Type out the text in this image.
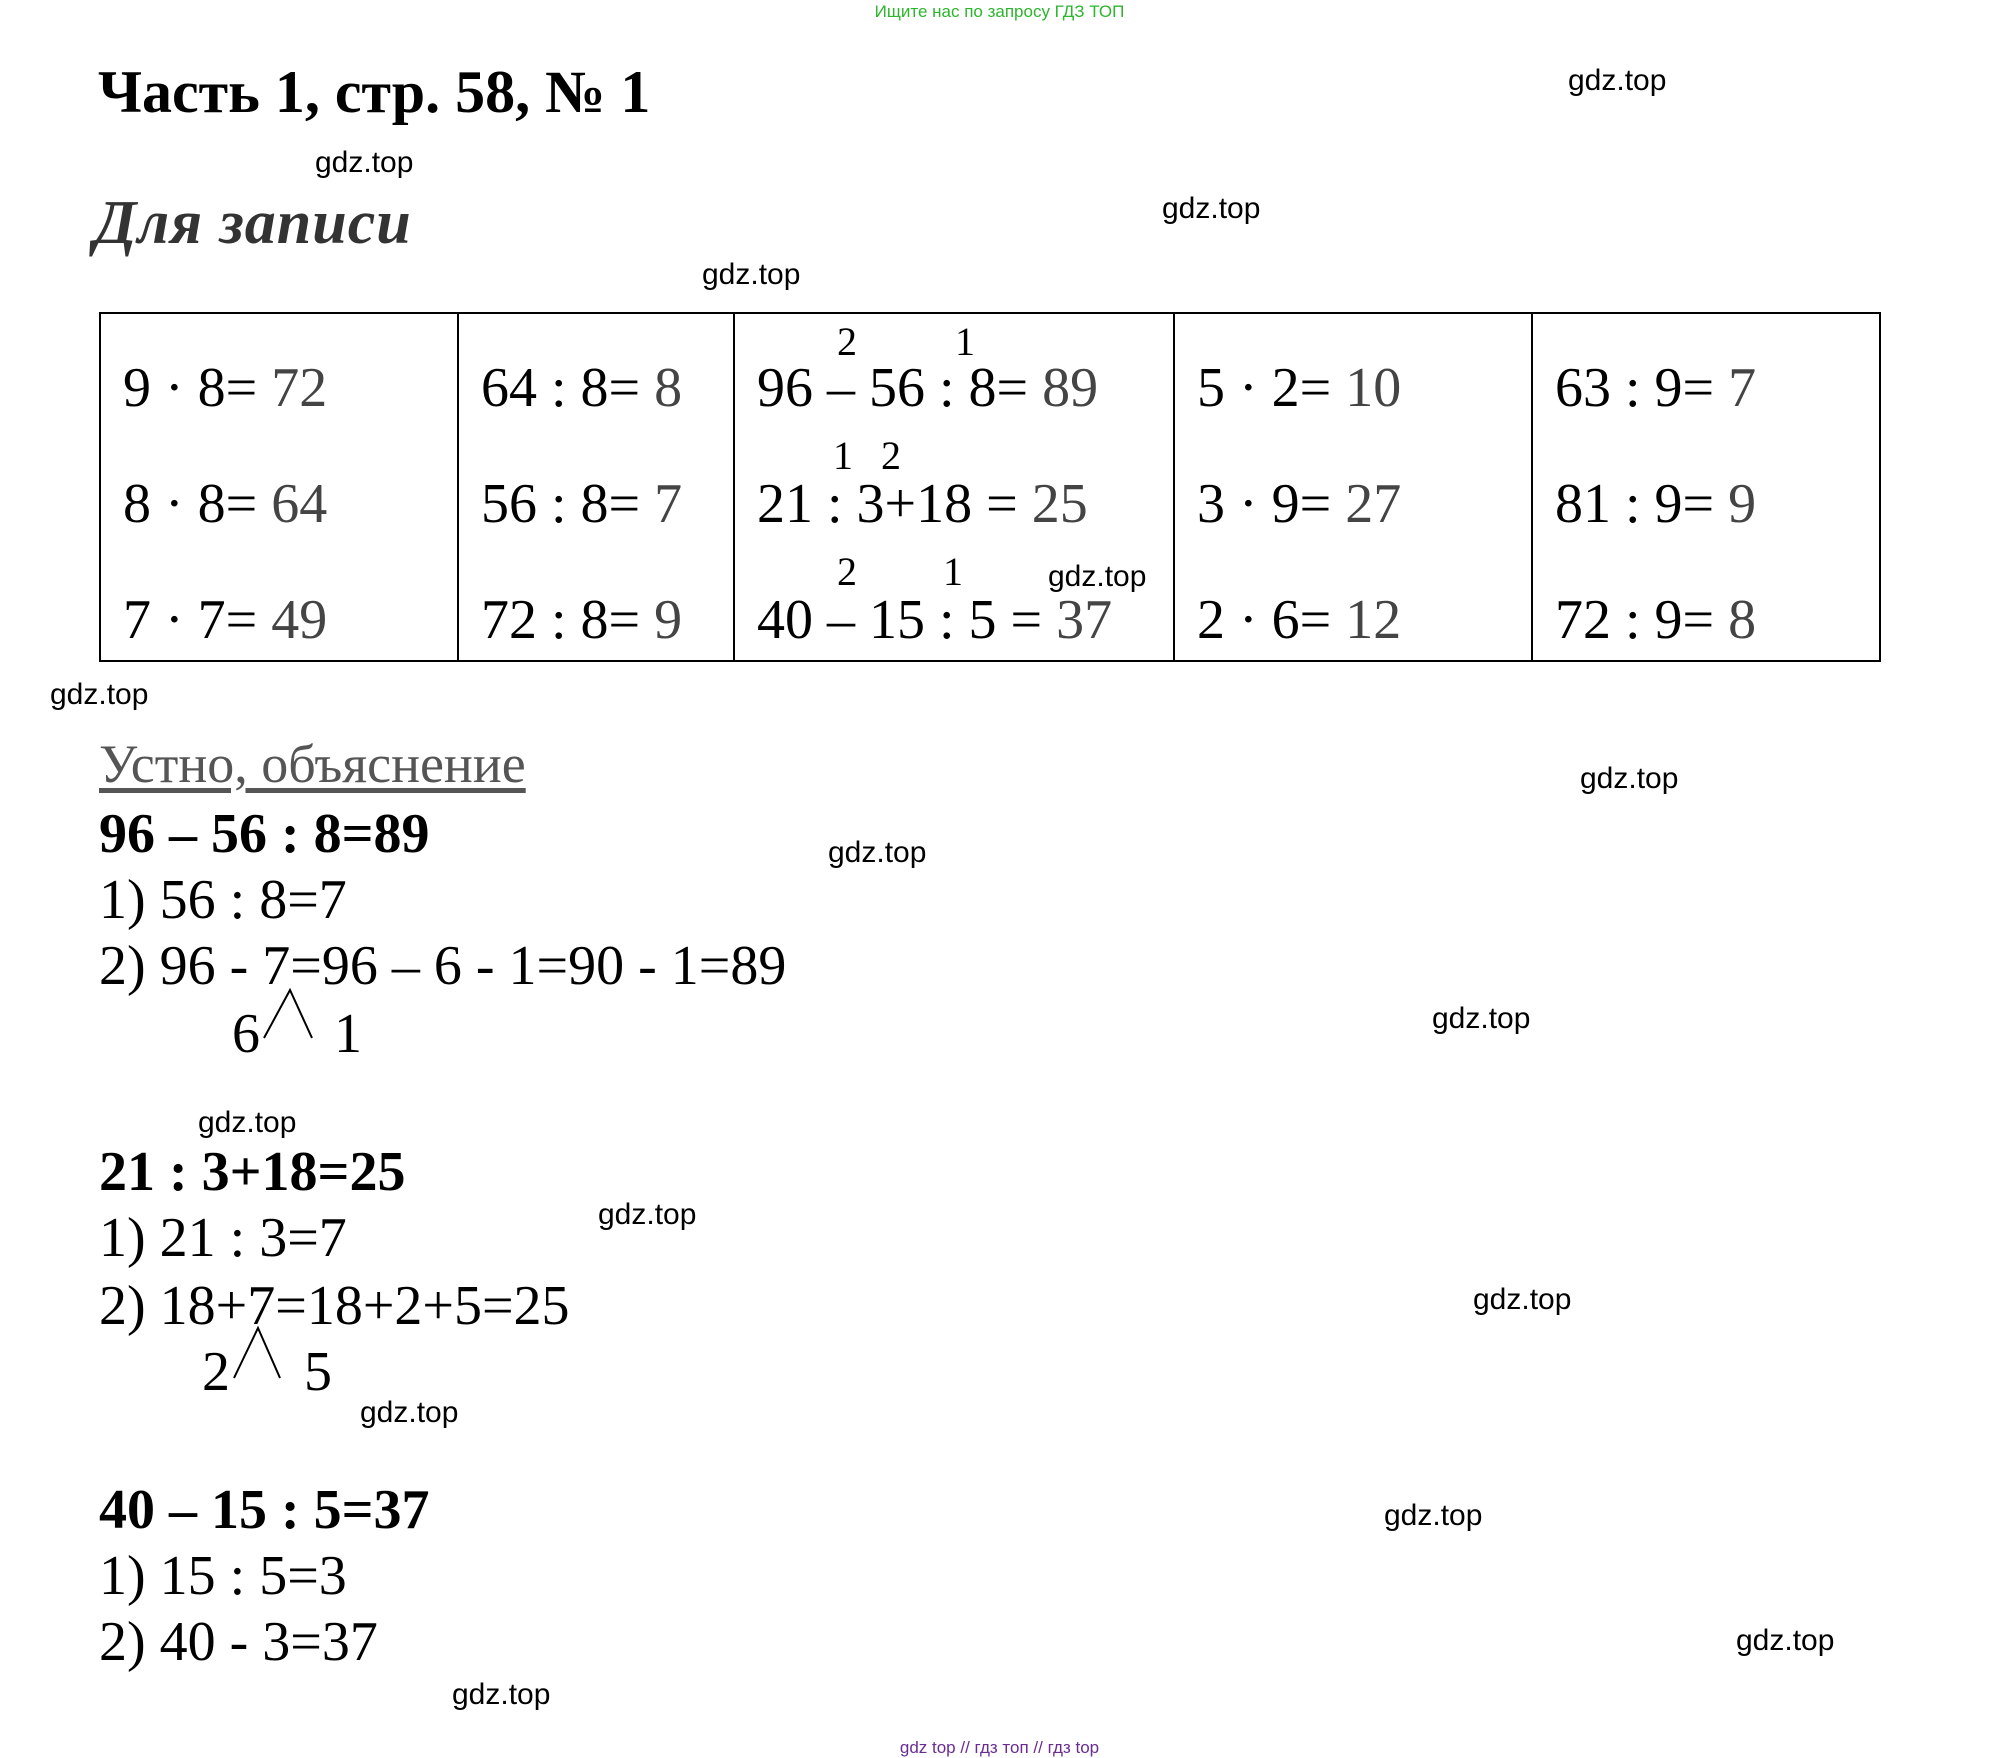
Ищите нас по запросу ГДЗ ТОП
Часть 1, стр. 58, № 1
Для записи
9 · 8= 72
8 · 8= 64
7 · 7= 49
64 : 8= 8
56 : 8= 7
72 : 8= 9
2 1
96 – 56 : 8= 89
1 2
21 : 3+18 = 25
2 1
40 – 15 : 5 = 37
5 · 2= 10
3 · 9= 27
2 · 6= 12
63 : 9= 7
81 : 9= 9
72 : 9= 8
Устно, объяснение
96 – 56 : 8=89
1) 56 : 8=7
2) 96 - 7=96 – 6 - 1=90 - 1=89
6 1
21 : 3+18=25
1) 21 : 3=7
2) 18+7=18+2+5=25
2 5
40 – 15 : 5=37
1) 15 : 5=3
2) 40 - 3=37
gdz.top
gdz.top
gdz.top
gdz.top
gdz.top
gdz.top
gdz.top
gdz.top
gdz.top
gdz.top
gdz.top
gdz.top
gdz.top
gdz.top
gdz.top
gdz.top
gdz top // гдз топ // гдз top
